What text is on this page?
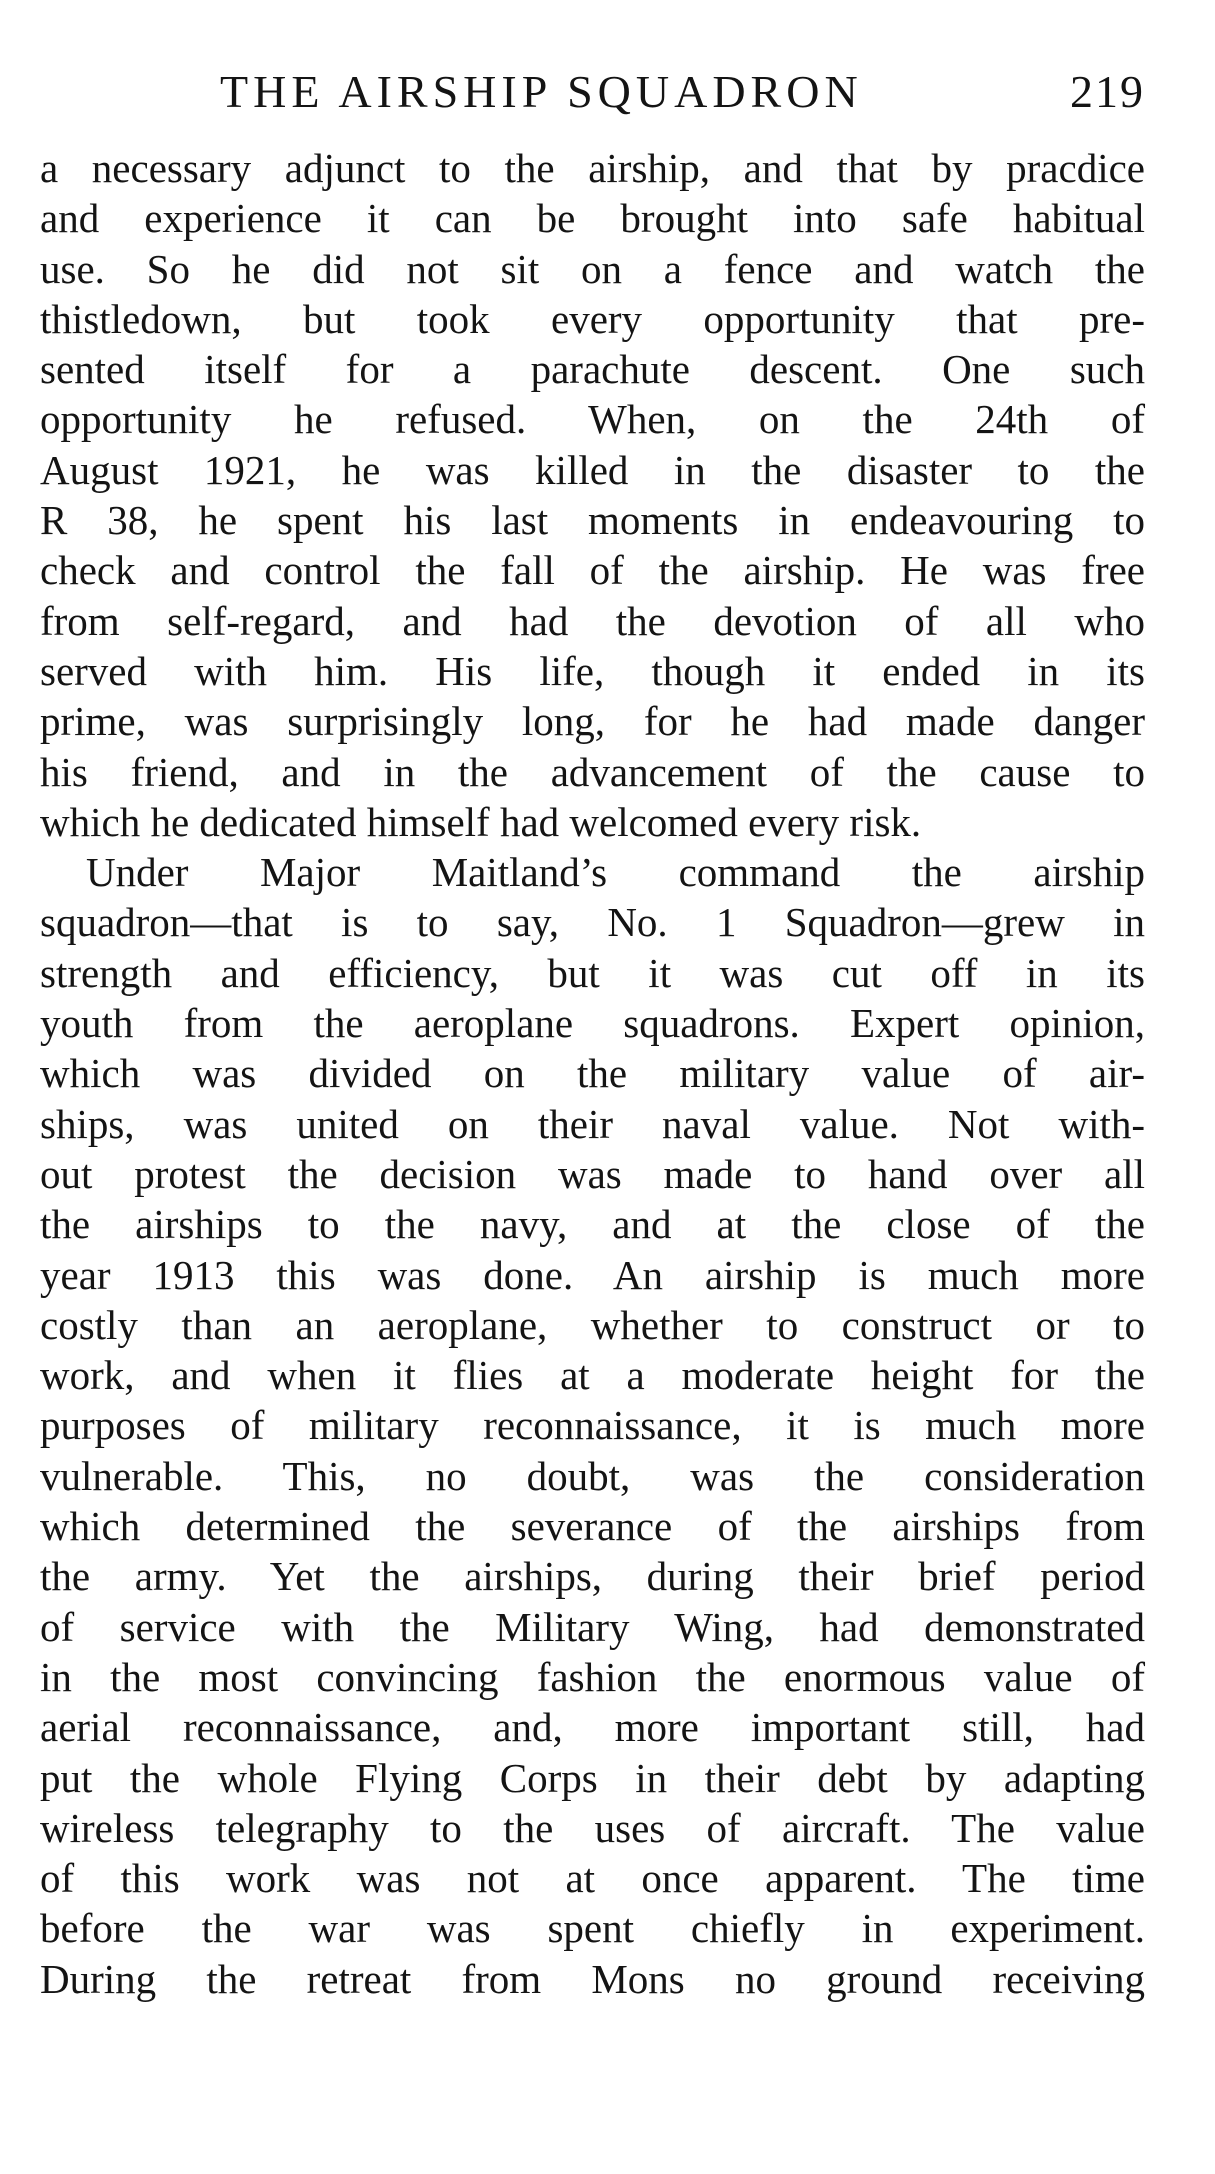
THE AIRSHIP SQUADRON	219
a necessary adjunct to the airship, and that by pracdice
and experience it can be brought into safe habitual
use. So he did not sit on a fence and watch the
thistledown, but took every opportunity that pre-
sented itself for a parachute descent. One such
opportunity he refused. When, on the 24th of
August 1921, he was killed in the disaster to the
R 38, he spent his last moments in endeavouring to
check and control the fall of the airship. He was free
from self-regard, and had the devotion of all who
served with him. His life, though it ended in its
prime, was surprisingly long, for he had made danger
his friend, and in the advancement of the cause to
which he dedicated himself had welcomed every risk.
Under Major Maitland’s command the airship
squadron—that is to say, No. 1 Squadron—grew in
strength and efficiency, but it was cut off in its
youth from the aeroplane squadrons. Expert opinion,
which was divided on the military value of air-
ships, was united on their naval value. Not with-
out protest the decision was made to hand over all
the airships to the navy, and at the close of the
year 1913 this was done. An airship is much more
costly than an aeroplane, whether to construct or to
work, and when it flies at a moderate height for the
purposes of military reconnaissance, it is much more
vulnerable. This, no doubt, was the consideration
which determined the severance of the airships from
the army. Yet the airships, during their brief period
of service with the Military Wing, had demonstrated
in the most convincing fashion the enormous value of
aerial reconnaissance, and, more important still, had
put the whole Flying Corps in their debt by adapting
wireless telegraphy to the uses of aircraft. The value
of this work was not at once apparent. The time
before the war was spent chiefly in experiment.
During the retreat from Mons no ground receiving
